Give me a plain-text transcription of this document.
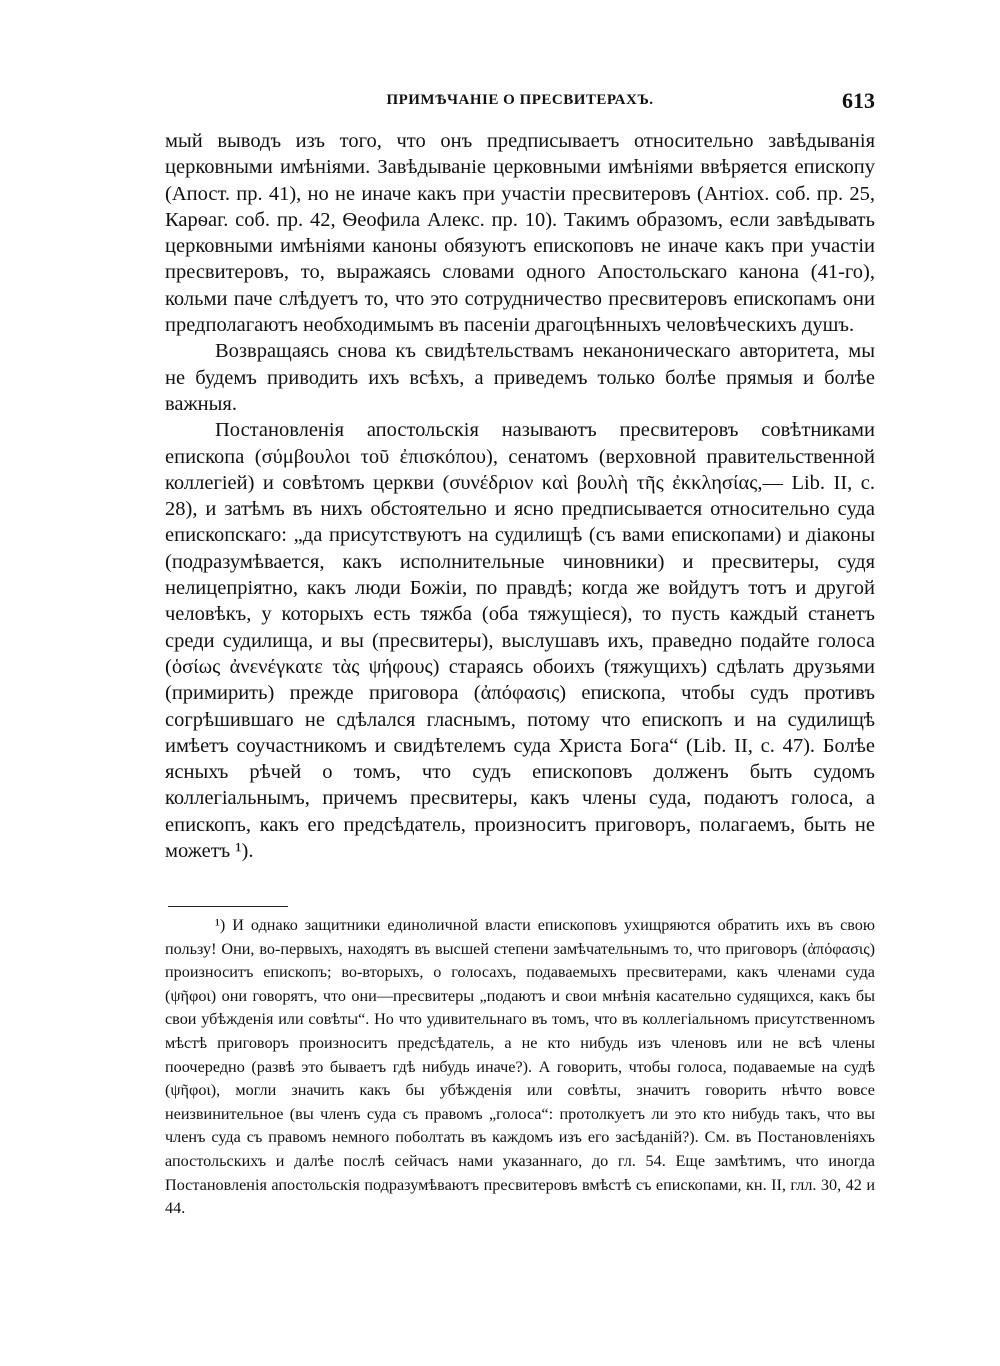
ПРИМѢЧАНІЕ О ПРЕСВИТЕРАХЪ.	613

мый выводъ изъ того, что онъ предписываетъ относительно завѣдыванія церковными имѣніями. Завѣдываніе церковными имѣніями ввѣряется епископу (Апост. пр. 41), но не иначе какъ при участіи пресвитеровъ (Антіох. соб. пр. 25, Карѳаг. соб. пр. 42, Ѳеофила Алекс. пр. 10). Такимъ образомъ, если завѣдывать церковными имѣніями каноны обязуютъ епископовъ не иначе какъ при участіи пресвитеровъ, то, выражаясь словами одного Апостольскаго канона (41-го), кольми паче слѣдуетъ то, что это сотрудничество пресвитеровъ епископамъ они предполагаютъ необходимымъ въ пасеніи драгоцѣнныхъ человѣческихъ душъ.

Возвращаясь снова къ свидѣтельствамъ неканоническаго авторитета, мы не будемъ приводить ихъ всѣхъ, а приведемъ только болѣе прямыя и болѣе важныя.

Постановленія апостольскія называютъ пресвитеровъ совѣтниками епископа (σύμβουλοι τοῦ ἐπισκόπου), сенатомъ (верховной правительственной коллегіей) и совѣтомъ церкви (συνέδριον καὶ βουλὴ τῆς ἐκκλησίας,— Lib. II, c. 28), и затѣмъ въ нихъ обстоятельно и ясно предписывается относительно суда епископскаго: „да присутствуютъ на судилищѣ (съ вами епископами) и діаконы (подразумѣвается, какъ исполнительные чиновники) и пресвитеры, судя нелицепріятно, какъ люди Божіи, по правдѣ; когда же войдутъ тотъ и другой человѣкъ, у которыхъ есть тяжба (оба тяжущіеся), то пусть каждый станетъ среди судилища, и вы (пресвитеры), выслушавъ ихъ, праведно подайте голоса (ὁσίως ἀνενέγκατε τὰς ψήφους) стараясь обоихъ (тяжущихъ) сдѣлать друзьями (примирить) прежде приговора (ἀπόφασις) епископа, чтобы судъ противъ согрѣшившаго не сдѣлался гласнымъ, потому что епископъ и на судилищѣ имѣетъ соучастникомъ и свидѣтелемъ суда Христа Бога“ (Lib. II, c. 47). Болѣе ясныхъ рѣчей о томъ, что судъ епископовъ долженъ быть судомъ коллегіальнымъ, причемъ пресвитеры, какъ члены суда, подаютъ голоса, а епископъ, какъ его предсѣдатель, произноситъ приговоръ, полагаемъ, быть не можетъ ¹).

¹) И однако защитники единоличной власти епископовъ ухищряются обратить ихъ въ свою пользу! Они, во-первыхъ, находятъ въ высшей степени замѣчательнымъ то, что приговоръ (ἀπόφασις) произноситъ епископъ; во-вторыхъ, о голосахъ, подаваемыхъ пресвитерами, какъ членами суда (ψῆφοι) они говорятъ, что они—пресвитеры „подаютъ и свои мнѣнія касательно судящихся, какъ бы свои убѣжденія или совѣты“. Но что удивительнаго въ томъ, что въ коллегіальномъ присутственномъ мѣстѣ приговоръ произноситъ предсѣдатель, а не кто нибудь изъ членовъ или не всѣ члены поочередно (развѣ это бываетъ гдѣ нибудь иначе?). А говорить, чтобы голоса, подаваемые на судѣ (ψῆφοι), могли значить какъ бы убѣжденія или совѣты, значитъ говорить нѣчто вовсе неизвинительное (вы членъ суда съ правомъ „голоса“: протолкуетъ ли это кто нибудь такъ, что вы членъ суда съ правомъ немного поболтать въ каждомъ изъ его засѣданій?). См. въ Постановленіяхъ апостольскихъ и далѣе послѣ сейчасъ нами указаннаго, до гл. 54. Еще замѣтимъ, что иногда Постановленія апостольскія подразумѣваютъ пресвитеровъ вмѣстѣ съ епископами, кн. II, глл. 30, 42 и 44.
